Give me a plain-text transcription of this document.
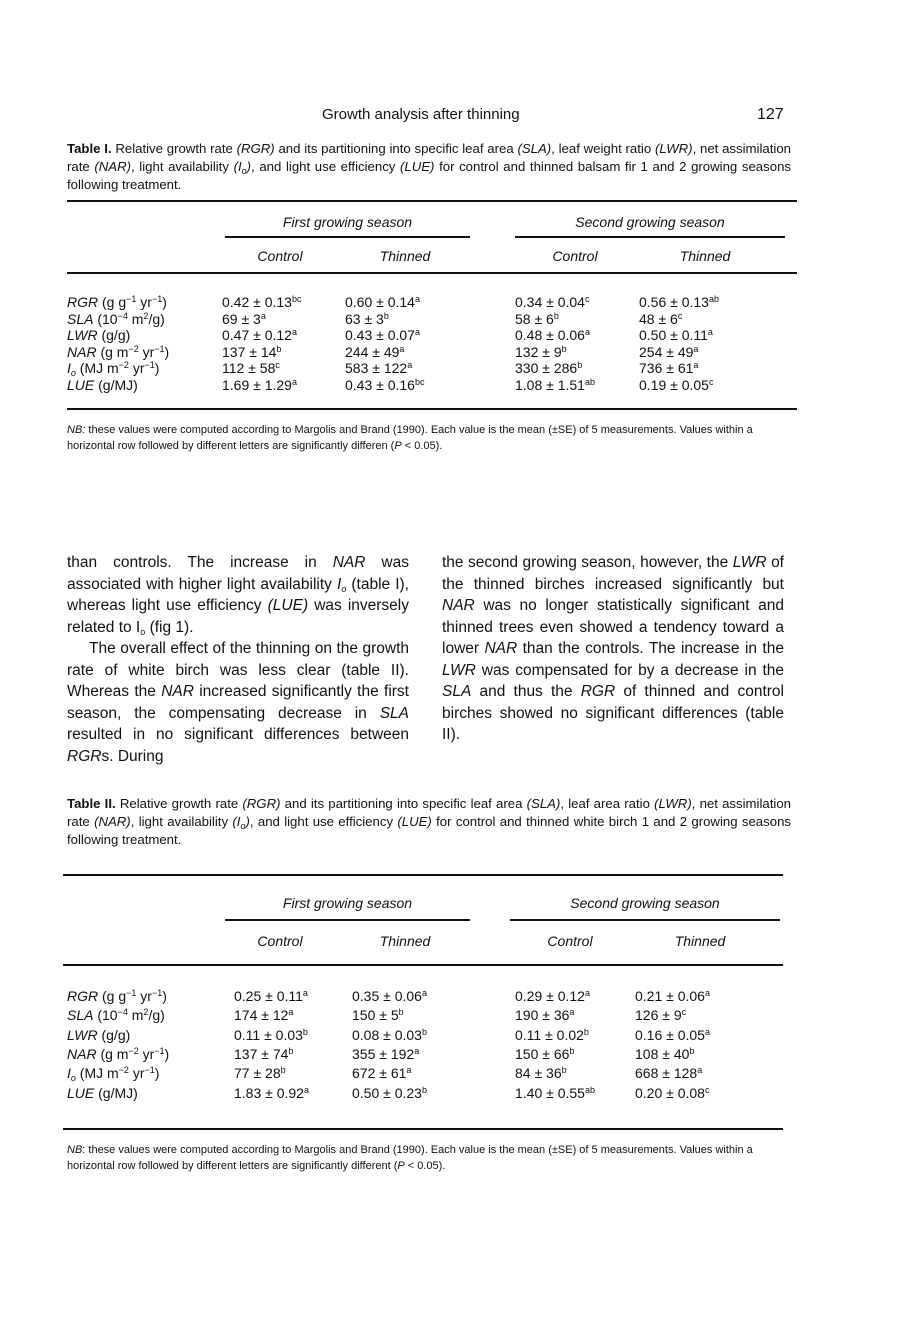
Growth analysis after thinning	127
Table I. Relative growth rate (RGR) and its partitioning into specific leaf area (SLA), leaf weight ratio (LWR), net assimilation rate (NAR), light availability $(I_o)$, and light use efficiency (LUE) for control and thinned balsam fir 1 and 2 growing seasons following treatment.
First growing season	Second growing season
Control	Thinned	Control	Thinned
RGR (g $g^{-1}$ $yr^{-1}$)	0.42 ± 0.13$^{bc}$	0.60 ± 0.14$^a$	0.34 ± 0.04$^c$	0.56 ± 0.13$^{ab}$
SLA ($10^{-4}$ $m^2/g$)	$69 \pm 3^a$	$63 \pm 3^b$	$58 \pm 6^b$	$48 \pm 6^c$
LWR (g/g)	0.47 ± 0.12$^a$	0.43 ± 0.07$^a$	0.48 ± 0.06$^a$	0.50 ± 0.11$^a$
NAR (g $m^{-2}$ $yr^{-1}$)	$137 \pm 14^b$	$244 \pm 49^a$	$132 \pm 9^b$	$254 \pm 49^a$
$I_o$ (MJ $m^{-2}$ $yr^{-1}$)	$112 \pm 58^c$	$583 \pm 122^a$	$330 \pm 286^b$	$736 \pm 61^a$
LUE (g/MJ)	1.69 ± 1.29$^a$	0.43 ± 0.16$^{bc}$	1.08 ± 1.51$^{ab}$	0.19 ± 0.05$^c$
NB: these values were computed according to Margolis and Brand (1990). Each value is the mean (±SE) of 5 measurements. Values within a horizontal row followed by different letters are significantly differen (P < 0.05).

than controls. The increase in NAR was associated with higher light availability $I_o$ (table I), whereas light use efficiency (LUE) was inversely related to $I_o$ (fig 1).

The overall effect of the thinning on the growth rate of white birch was less clear (table II). Whereas the NAR increased significantly the first season, the compensating decrease in SLA resulted in no significant differences between RGRs. During

the second growing season, however, the LWR of the thinned birches increased significantly but NAR was no longer statistically significant and thinned trees even showed a tendency toward a lower NAR than the controls. The increase in the LWR was compensated for by a decrease in the SLA and thus the RGR of thinned and control birches showed no significant differences (table II).

Table II. Relative growth rate (RGR) and its partitioning into specific leaf area (SLA), leaf area ratio (LWR), net assimilation rate (NAR), light availability $(I_o)$, and light use efficiency (LUE) for control and thinned white birch 1 and 2 growing seasons following treatment.
First growing season	Second growing season
Control	Thinned	Control	Thinned
RGR (g $g^{-1}$ $yr^{-1}$)	0.25 ± 0.11$^a$	0.35 ± 0.06$^a$	0.29 ± 0.12$^a$	0.21 ± 0.06$^a$
SLA ($10^{-4}$ $m^2/g$)	$174 \pm 12^a$	$150 \pm 5^b$	$190 \pm 36^a$	$126 \pm 9^c$
LWR (g/g)	0.11 ± 0.03$^b$	0.08 ± 0.03$^b$	0.11 ± 0.02$^b$	0.16 ± 0.05$^a$
NAR (g $m^{-2}$ $yr^{-1}$)	$137 \pm 74^b$	$355 \pm 192^a$	$150 \pm 66^b$	$108 \pm 40^b$
$I_o$ (MJ $m^{-2}$ $yr^{-1}$)	$77 \pm 28^b$	$672 \pm 61^a$	$84 \pm 36^b$	$668 \pm 128^a$
LUE (g/MJ)	1.83 ± 0.92$^a$	0.50 ± 0.23$^b$	1.40 ± 0.55$^{ab}$	0.20 ± 0.08$^c$
NB: these values were computed according to Margolis and Brand (1990). Each value is the mean (±SE) of 5 measurements. Values within a horizontal row followed by different letters are significantly different (P < 0.05).
